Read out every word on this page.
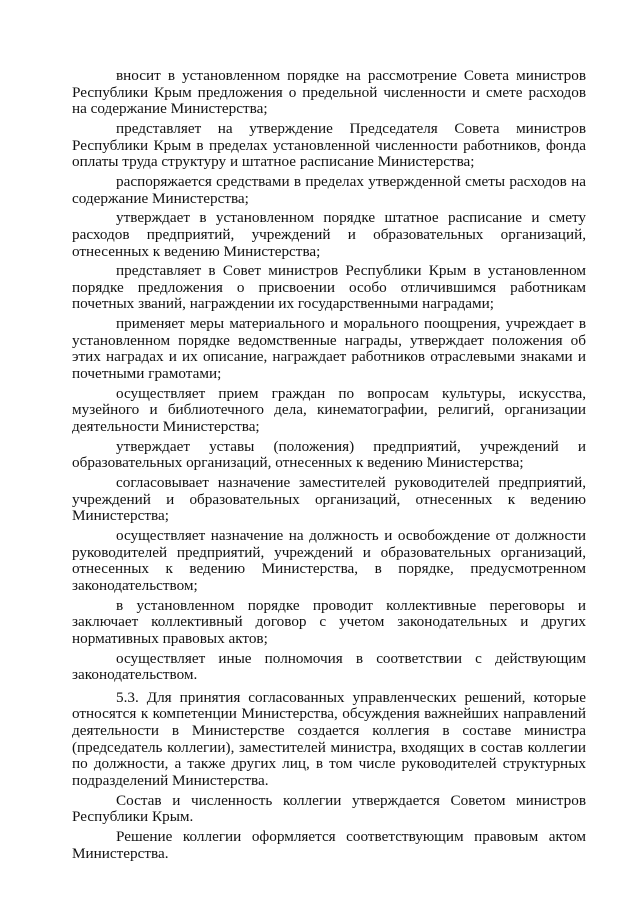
вносит в установленном порядке на рассмотрение Совета министров Республики Крым предложения о предельной численности и смете расходов на содержание Министерства;

представляет на утверждение Председателя Совета министров Республики Крым в пределах установленной численности работников, фонда оплаты труда структуру и штатное расписание Министерства;

распоряжается средствами в пределах утвержденной сметы расходов на содержание Министерства;

утверждает в установленном порядке штатное расписание и смету расходов предприятий, учреждений и образовательных организаций, отнесенных к ведению Министерства;

представляет в Совет министров Республики Крым в установленном порядке предложения о присвоении особо отличившимся работникам почетных званий, награждении их государственными наградами;

применяет меры материального и морального поощрения, учреждает в установленном порядке ведомственные награды, утверждает положения об этих наградах и их описание, награждает работников отраслевыми знаками и почетными грамотами;

осуществляет прием граждан по вопросам культуры, искусства, музейного и библиотечного дела, кинематографии, религий, организации деятельности Министерства;

утверждает уставы (положения) предприятий, учреждений и образовательных организаций, отнесенных к ведению Министерства;

согласовывает назначение заместителей руководителей предприятий, учреждений и образовательных организаций, отнесенных к ведению Министерства;

осуществляет назначение на должность и освобождение от должности руководителей предприятий, учреждений и образовательных организаций, отнесенных к ведению Министерства, в порядке, предусмотренном законодательством;

в установленном порядке проводит коллективные переговоры и заключает коллективный договор с учетом законодательных и других нормативных правовых актов;

осуществляет иные полномочия в соответствии с действующим законодательством.

5.3. Для принятия согласованных управленческих решений, которые относятся к компетенции Министерства, обсуждения важнейших направлений деятельности в Министерстве создается коллегия в составе министра (председатель коллегии), заместителей министра, входящих в состав коллегии по должности, а также других лиц, в том числе руководителей структурных подразделений Министерства.

Состав и численность коллегии утверждается Советом министров Республики Крым.

Решение коллегии оформляется соответствующим правовым актом Министерства.
